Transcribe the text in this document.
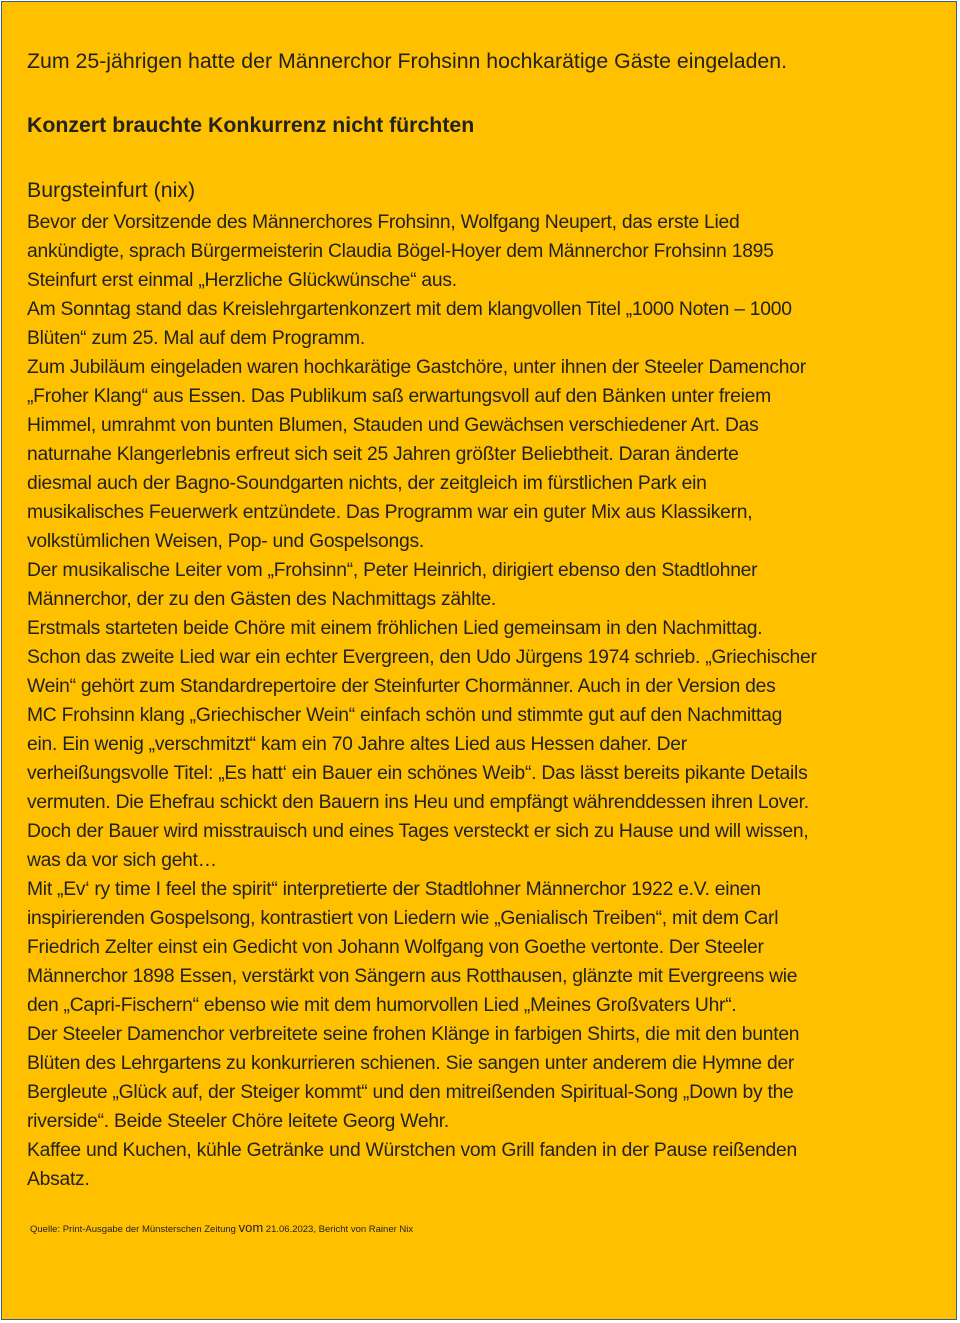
Zum 25-jährigen hatte der Männerchor Frohsinn hochkarätige Gäste eingeladen.
Konzert brauchte Konkurrenz nicht fürchten
Burgsteinfurt (nix)
Bevor der Vorsitzende des Männerchores Frohsinn, Wolfgang Neupert, das erste Lied
ankündigte, sprach Bürgermeisterin Claudia Bögel-Hoyer dem Männerchor Frohsinn 1895
Steinfurt erst einmal „Herzliche Glückwünsche“ aus.
Am Sonntag stand das Kreislehrgartenkonzert mit dem klangvollen Titel „1000 Noten – 1000
Blüten“ zum 25. Mal auf dem Programm.
Zum Jubiläum eingeladen waren hochkarätige Gastchöre, unter ihnen der Steeler Damenchor
„Froher Klang“ aus Essen. Das Publikum saß erwartungsvoll auf den Bänken unter freiem
Himmel, umrahmt von bunten Blumen, Stauden und Gewächsen verschiedener Art. Das
naturnahe Klangerlebnis erfreut sich seit 25 Jahren größter Beliebtheit. Daran änderte
diesmal auch der Bagno-Soundgarten nichts, der zeitgleich im fürstlichen Park ein
musikalisches Feuerwerk entzündete. Das Programm war ein guter Mix aus Klassikern,
volkstümlichen Weisen, Pop- und Gospelsongs.
Der musikalische Leiter vom „Frohsinn“, Peter Heinrich, dirigiert ebenso den Stadtlohner
Männerchor, der zu den Gästen des Nachmittags zählte.
Erstmals starteten beide Chöre mit einem fröhlichen Lied gemeinsam in den Nachmittag.
Schon das zweite Lied war ein echter Evergreen, den Udo Jürgens 1974 schrieb. „Griechischer
Wein“ gehört zum Standardrepertoire der Steinfurter Chormänner. Auch in der Version des
MC Frohsinn klang „Griechischer Wein“ einfach schön und stimmte gut auf den Nachmittag
ein. Ein wenig „verschmitzt“ kam ein 70 Jahre altes Lied aus Hessen daher. Der
verheißungsvolle Titel: „Es hatt‘ ein Bauer ein schönes Weib“. Das lässt bereits pikante Details
vermuten. Die Ehefrau schickt den Bauern ins Heu und empfängt währenddessen ihren Lover.
Doch der Bauer wird misstrauisch und eines Tages versteckt er sich zu Hause und will wissen,
was da vor sich geht…
Mit „Ev‘ ry time I feel the spirit“ interpretierte der Stadtlohner Männerchor 1922 e.V. einen
inspirierenden Gospelsong, kontrastiert von Liedern wie „Genialisch Treiben“, mit dem Carl
Friedrich Zelter einst ein Gedicht von Johann Wolfgang von Goethe vertonte. Der Steeler
Männerchor 1898 Essen, verstärkt von Sängern aus Rotthausen, glänzte mit Evergreens wie
den „Capri-Fischern“ ebenso wie mit dem humorvollen Lied „Meines Großvaters Uhr“.
Der Steeler Damenchor verbreitete seine frohen Klänge in farbigen Shirts, die mit den bunten
Blüten des Lehrgartens zu konkurrieren schienen. Sie sangen unter anderem die Hymne der
Bergleute „Glück auf, der Steiger kommt“ und den mitreißenden Spiritual-Song „Down by the
riverside“. Beide Steeler Chöre leitete Georg Wehr.
Kaffee und Kuchen, kühle Getränke und Würstchen vom Grill fanden in der Pause reißenden
Absatz.
Quelle: Print-Ausgabe der Münsterschen Zeitung vom 21.06.2023, Bericht von Rainer Nix
